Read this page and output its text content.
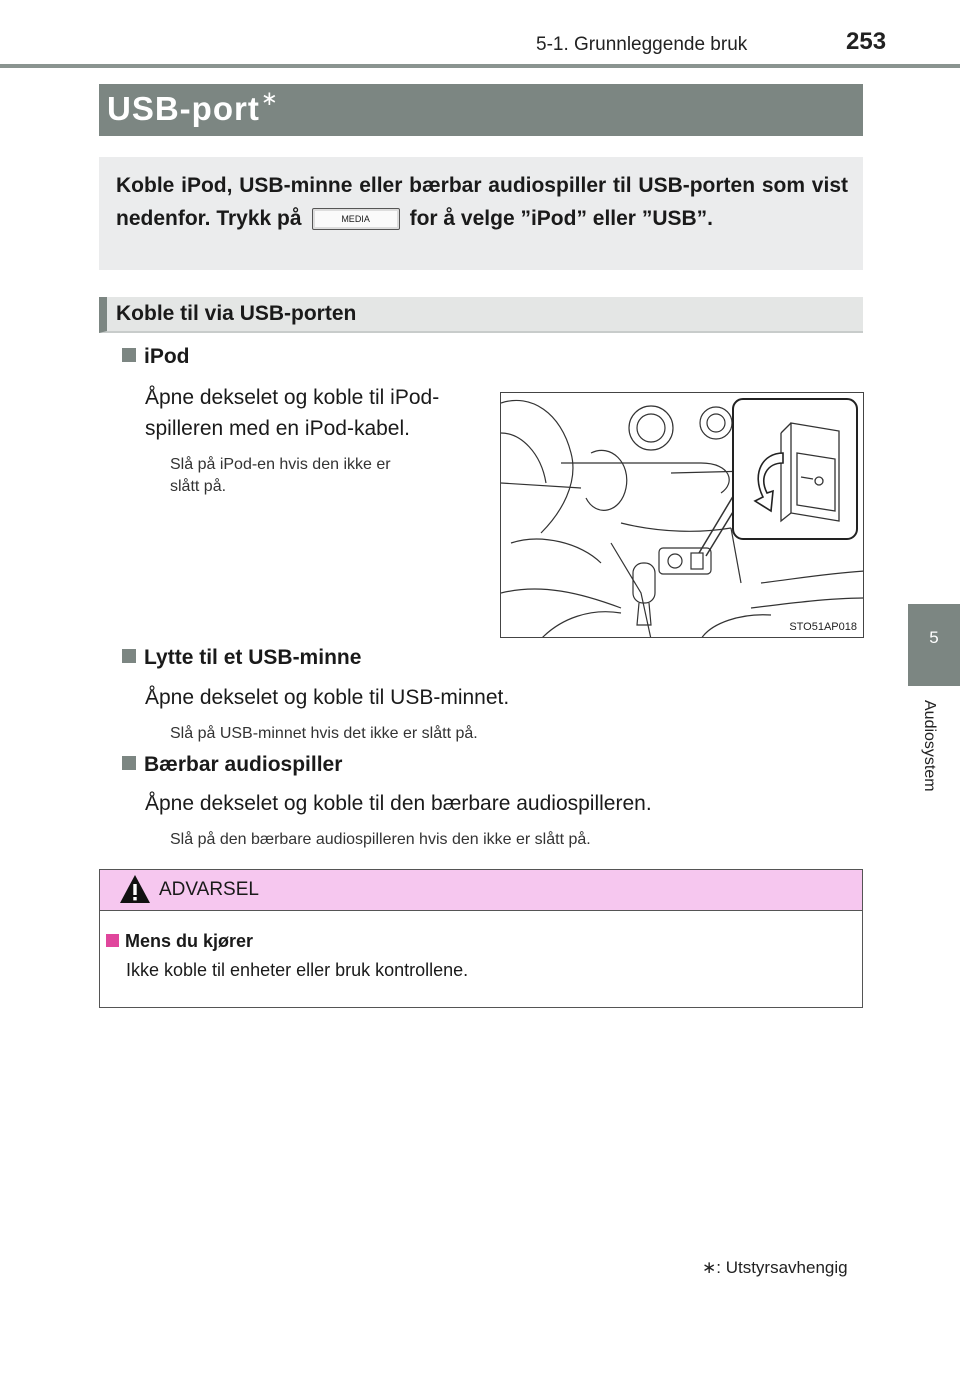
5-1. Grunnleggende bruk	253
USB-port ∗
Koble iPod, USB-minne eller bærbar audiospiller til USB-porten som vist nedenfor. Trykk på	MEDIA for å velge ”iPod” eller ”USB”.
Koble til via USB-porten
iPod
Åpne dekselet og koble til iPod-
spilleren med en iPod-kabel.
Slå på iPod-en hvis den ikke er
slått på.
STO51AP018
Lytte til et USB-minne
Åpne dekselet og koble til USB-minnet.
Slå på USB-minnet hvis det ikke er slått på.
Bærbar audiospiller
Åpne dekselet og koble til den bærbare audiospilleren.
Slå på den bærbare audiospilleren hvis den ikke er slått på.
ADVARSEL
Mens du kjører
Ikke koble til enheter eller bruk kontrollene.
5
Audiosystem
∗: Utstyrsavhengig
